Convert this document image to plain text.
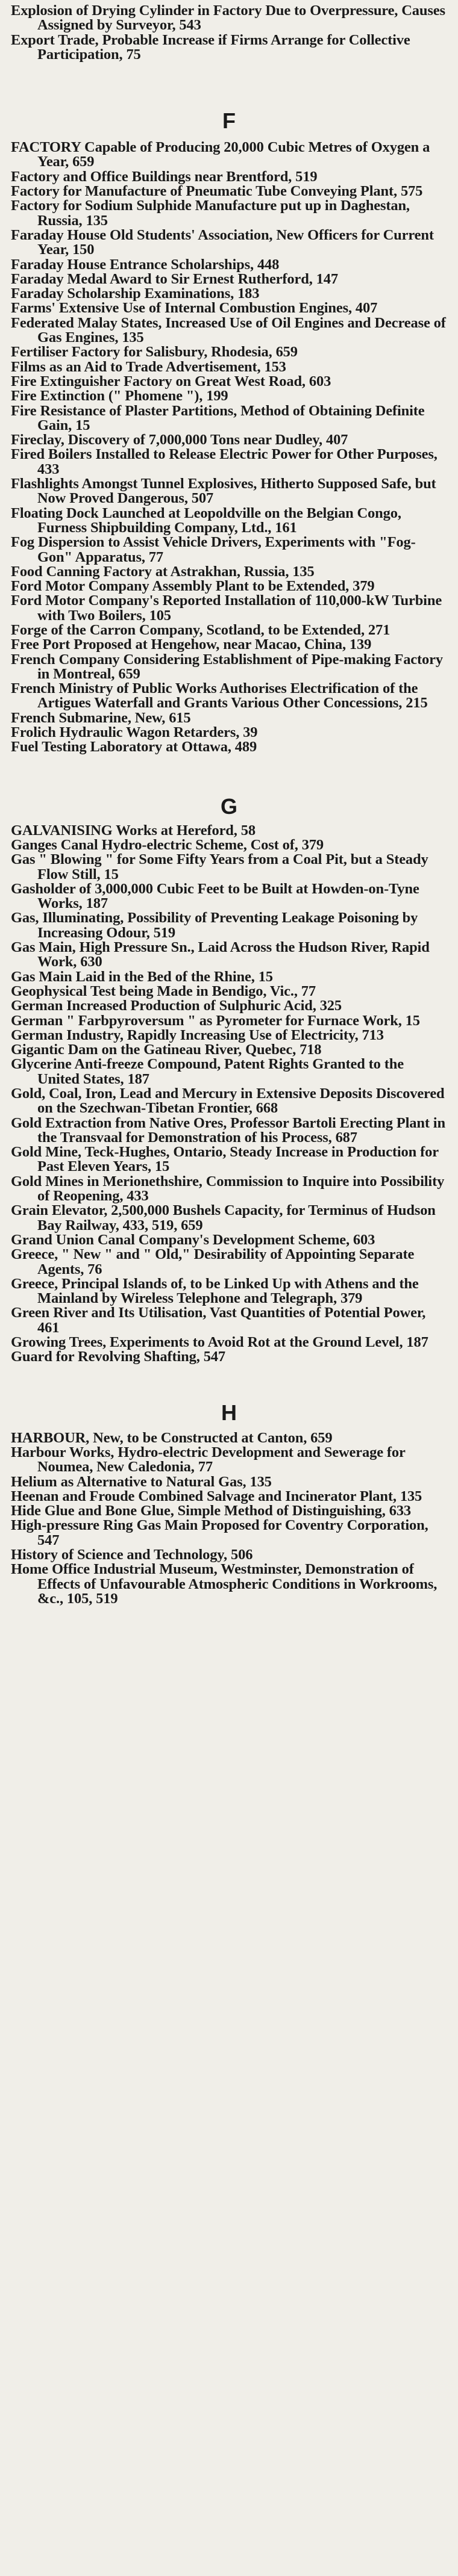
Explosion of Drying Cylinder in Factory Due to Overpressure, Causes Assigned by Surveyor, 543
Export Trade, Probable Increase if Firms Arrange for Collective Participation, 75
F
FACTORY Capable of Producing 20,000 Cubic Metres of Oxygen a Year, 659
Factory and Office Buildings near Brentford, 519
Factory for Manufacture of Pneumatic Tube Conveying Plant, 575
Factory for Sodium Sulphide Manufacture put up in Daghestan, Russia, 135
Faraday House Old Students' Association, New Officers for Current Year, 150
Faraday House Entrance Scholarships, 448
Faraday Medal Award to Sir Ernest Rutherford, 147
Faraday Scholarship Examinations, 183
Farms' Extensive Use of Internal Combustion Engines, 407
Federated Malay States, Increased Use of Oil Engines and Decrease of Gas Engines, 135
Fertiliser Factory for Salisbury, Rhodesia, 659
Films as an Aid to Trade Advertisement, 153
Fire Extinguisher Factory on Great West Road, 603
Fire Extinction (" Phomene "), 199
Fire Resistance of Plaster Partitions, Method of Obtaining Definite Gain, 15
Fireclay, Discovery of 7,000,000 Tons near Dudley, 407
Fired Boilers Installed to Release Electric Power for Other Purposes, 433
Flashlights Amongst Tunnel Explosives, Hitherto Supposed Safe, but Now Proved Dangerous, 507
Floating Dock Launched at Leopoldville on the Belgian Congo, Furness Shipbuilding Company, Ltd., 161
Fog Dispersion to Assist Vehicle Drivers, Experiments with "Fog-Gon" Apparatus, 77
Food Canning Factory at Astrakhan, Russia, 135
Ford Motor Company Assembly Plant to be Extended, 379
Ford Motor Company's Reported Installation of 110,000-kW Turbine with Two Boilers, 105
Forge of the Carron Company, Scotland, to be Extended, 271
Free Port Proposed at Hengehow, near Macao, China, 139
French Company Considering Establishment of Pipe-making Factory in Montreal, 659
French Ministry of Public Works Authorises Electrification of the Artigues Waterfall and Grants Various Other Concessions, 215
French Submarine, New, 615
Frolich Hydraulic Wagon Retarders, 39
Fuel Testing Laboratory at Ottawa, 489
G
GALVANISING Works at Hereford, 58
Ganges Canal Hydro-electric Scheme, Cost of, 379
Gas " Blowing " for Some Fifty Years from a Coal Pit, but a Steady Flow Still, 15
Gasholder of 3,000,000 Cubic Feet to be Built at Howden-on-Tyne Works, 187
Gas, Illuminating, Possibility of Preventing Leakage Poisoning by Increasing Odour, 519
Gas Main, High Pressure Sn., Laid Across the Hudson River, Rapid Work, 630
Gas Main Laid in the Bed of the Rhine, 15
Geophysical Test being Made in Bendigo, Vic., 77
German Increased Production of Sulphuric Acid, 325
German " Farbpyroversum " as Pyrometer for Furnace Work, 15
German Industry, Rapidly Increasing Use of Electricity, 713
Gigantic Dam on the Gatineau River, Quebec, 718
Glycerine Anti-freeze Compound, Patent Rights Granted to the United States, 187
Gold, Coal, Iron, Lead and Mercury in Extensive Deposits Discovered on the Szechwan-Tibetan Frontier, 668
Gold Extraction from Native Ores, Professor Bartoli Erecting Plant in the Transvaal for Demonstration of his Process, 687
Gold Mine, Teck-Hughes, Ontario, Steady Increase in Production for Past Eleven Years, 15
Gold Mines in Merionethshire, Commission to Inquire into Possibility of Reopening, 433
Grain Elevator, 2,500,000 Bushels Capacity, for Terminus of Hudson Bay Railway, 433, 519, 659
Grand Union Canal Company's Development Scheme, 603
Greece, " New " and " Old," Desirability of Appointing Separate Agents, 76
Greece, Principal Islands of, to be Linked Up with Athens and the Mainland by Wireless Telephone and Telegraph, 379
Green River and Its Utilisation, Vast Quantities of Potential Power, 461
Growing Trees, Experiments to Avoid Rot at the Ground Level, 187
Guard for Revolving Shafting, 547
H
HARBOUR, New, to be Constructed at Canton, 659
Harbour Works, Hydro-electric Development and Sewerage for Noumea, New Caledonia, 77
Helium as Alternative to Natural Gas, 135
Heenan and Froude Combined Salvage and Incinerator Plant, 135
Hide Glue and Bone Glue, Simple Method of Distinguishing, 633
High-pressure Ring Gas Main Proposed for Coventry Corporation, 547
History of Science and Technology, 506
Home Office Industrial Museum, Westminster, Demonstration of Effects of Unfavourable Atmospheric Conditions in Workrooms, &c., 105, 519
